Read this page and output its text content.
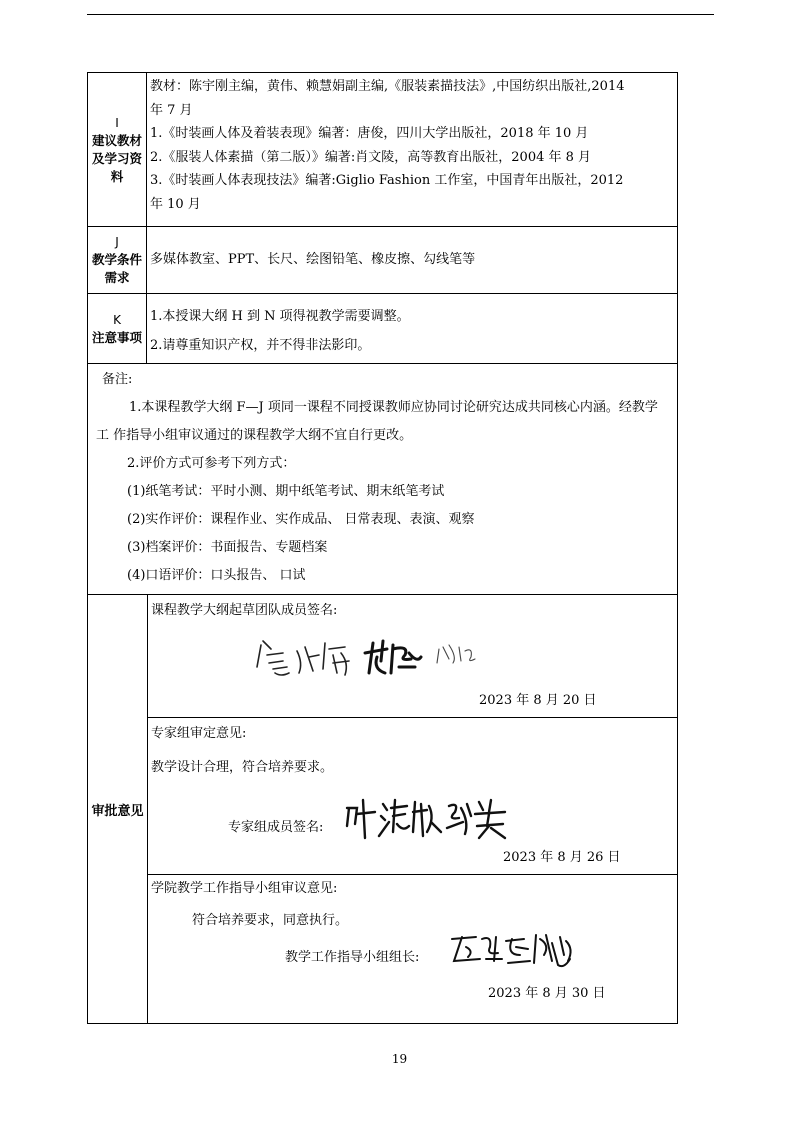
I
建议教材
及学习资
料

教材：陈宇刚主编，黄伟、赖慧娟副主编,《服装素描技法》,中国纺织出版社,2014

年 7 月

1.《时装画人体及着装表现》编著：唐俊，四川大学出版社，2018 年 10 月

2.《服装人体素描（第二版）》编著:肖文陵，高等教育出版社，2004 年 8 月

3.《时装画人体表现技法》编著:Giglio Fashion 工作室，中国青年出版社，2012

年 10 月

J
教学条件
需求
多媒体教室、PPT、长尺、绘图铅笔、橡皮擦、勾线笔等
K
注意事项

1.本授课大纲 H 到 N 项得视教学需要调整。

2.请尊重知识产权，并不得非法影印。

备注:

1.本课程教学大纲 F—J 项同一课程不同授课教师应协同讨论研究达成共同核心内涵。经教学工 作指导小组审议通过的课程教学大纲不宜自行更改。

2.评价方式可参考下列方式：

(1)纸笔考试：平时小测、期中纸笔考试、期末纸笔考试

(2)实作评价：课程作业、实作成品、 日常表现、表演、观察

(3)档案评价：书面报告、专题档案

(4)口语评价：口头报告、 口试

审批意见
课程教学大纲起草团队成员签名:
2023 年 8 月 20 日
专家组审定意见:
教学设计合理，符合培养要求。
专家组成员签名:
2023 年 8 月 26 日
学院教学工作指导小组审议意见:
符合培养要求，同意执行。
教学工作指导小组组长:
2023 年 8 月 30 日
19
